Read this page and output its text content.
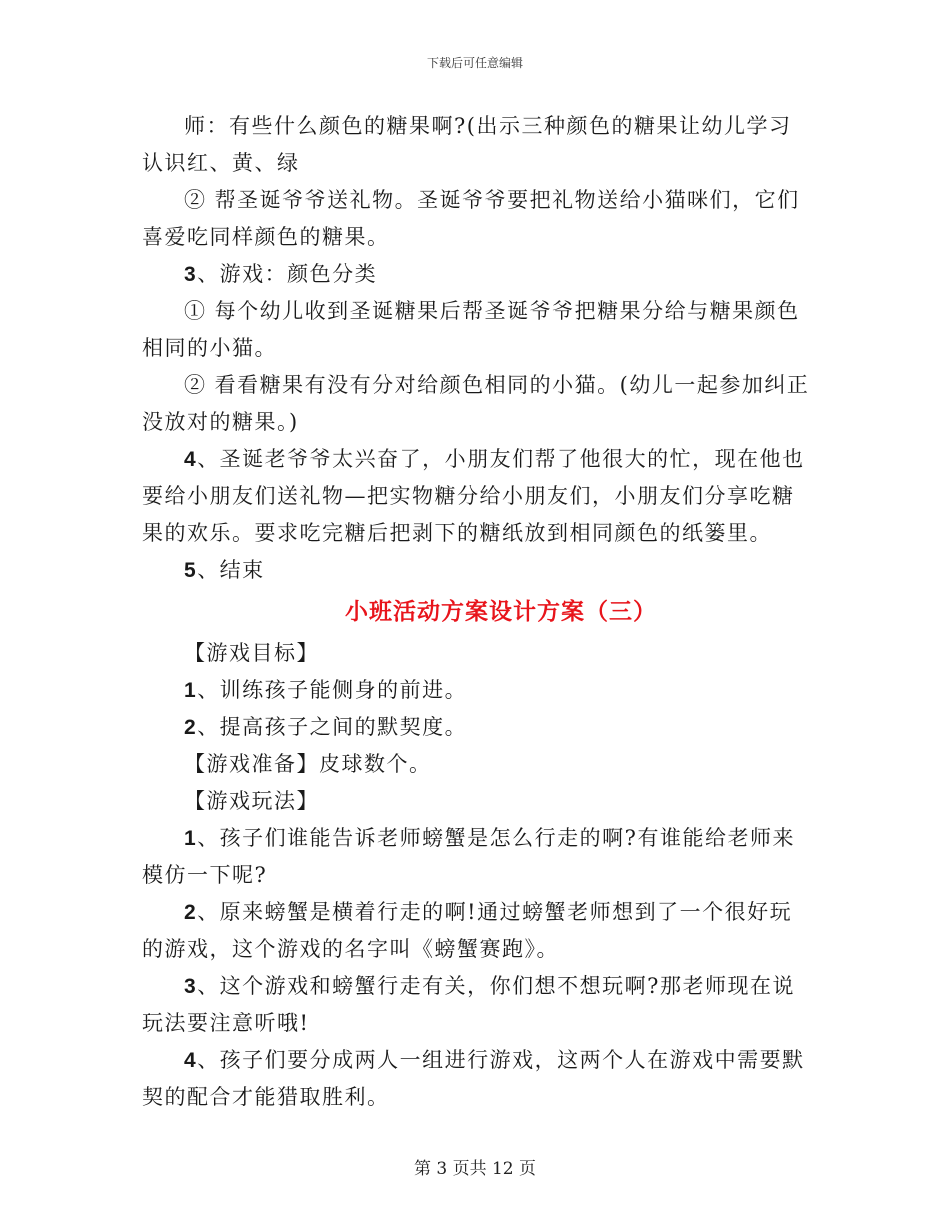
下载后可任意编辑

师：有些什么颜色的糖果啊?(出示三种颜色的糖果让幼儿学习认识红、黄、绿

② 帮圣诞爷爷送礼物。圣诞爷爷要把礼物送给小猫咪们，它们喜爱吃同样颜色的糖果。

3、游戏：颜色分类

① 每个幼儿收到圣诞糖果后帮圣诞爷爷把糖果分给与糖果颜色相同的小猫。

② 看看糖果有没有分对给颜色相同的小猫。(幼儿一起参加纠正没放对的糖果。)

4、圣诞老爷爷太兴奋了，小朋友们帮了他很大的忙，现在他也要给小朋友们送礼物—把实物糖分给小朋友们，小朋友们分享吃糖果的欢乐。要求吃完糖后把剥下的糖纸放到相同颜色的纸篓里。

5、结束

小班活动方案设计方案（三）

【游戏目标】

1、训练孩子能侧身的前进。

2、提高孩子之间的默契度。

【游戏准备】皮球数个。

【游戏玩法】

1、孩子们谁能告诉老师螃蟹是怎么行走的啊?有谁能给老师来模仿一下呢?

2、原来螃蟹是横着行走的啊!通过螃蟹老师想到了一个很好玩的游戏，这个游戏的名字叫《螃蟹赛跑》。

3、这个游戏和螃蟹行走有关，你们想不想玩啊?那老师现在说玩法要注意听哦!

4、孩子们要分成两人一组进行游戏，这两个人在游戏中需要默契的配合才能猎取胜利。

第 3 页共 12 页
